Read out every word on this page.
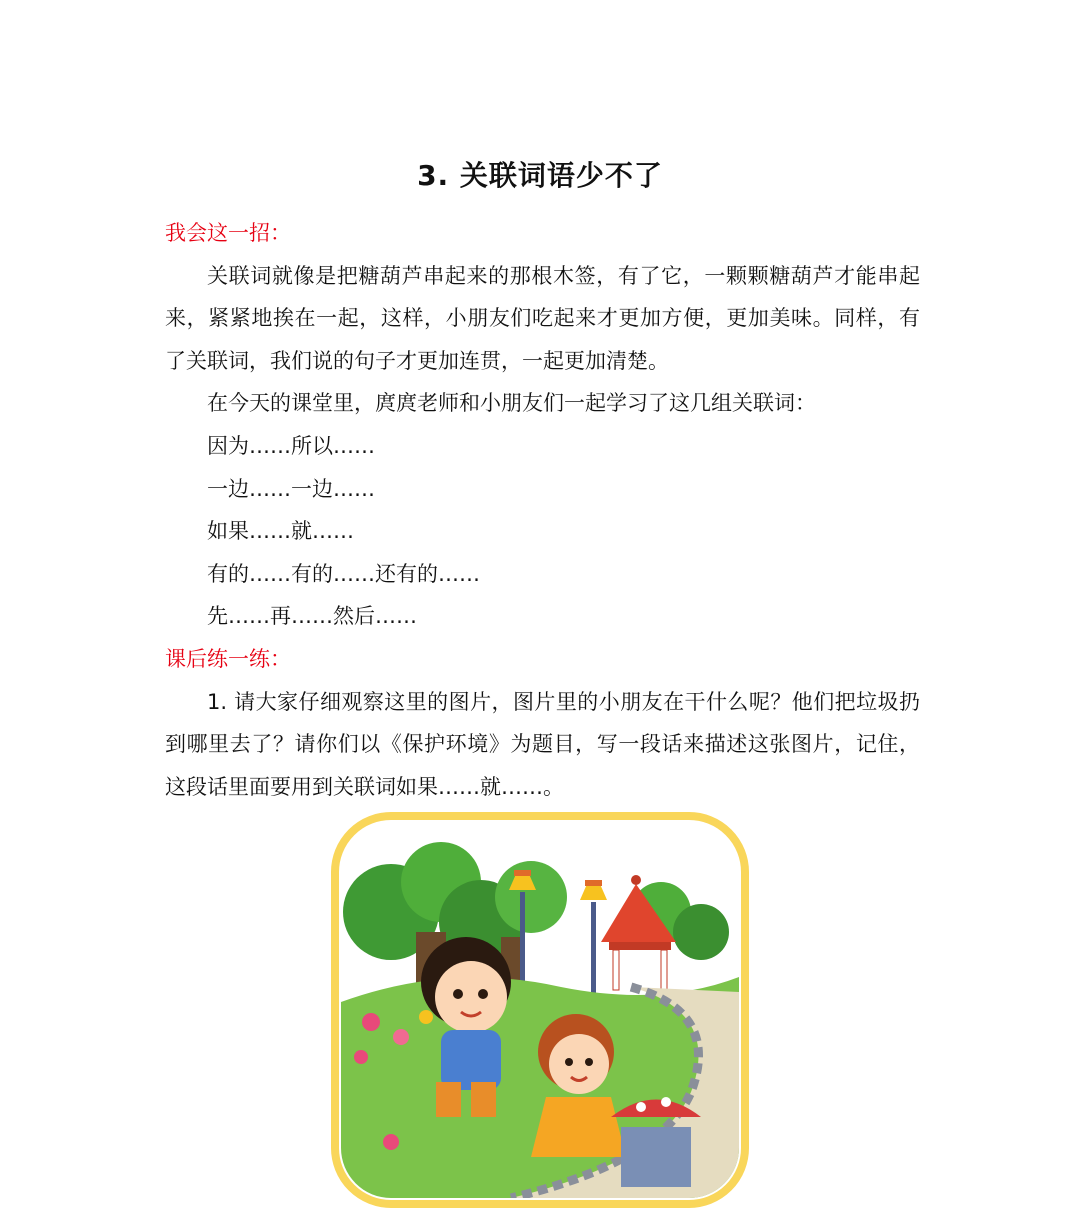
3. 关联词语少不了

我会这一招：

关联词就像是把糖葫芦串起来的那根木签，有了它，一颗颗糖葫芦才能串起来，紧紧地挨在一起，这样，小朋友们吃起来才更加方便，更加美味。同样，有了关联词，我们说的句子才更加连贯，一起更加清楚。

在今天的课堂里，庹庹老师和小朋友们一起学习了这几组关联词：

因为……所以……

一边……一边……

如果……就……

有的……有的……还有的……

先……再……然后……

课后练一练：

1. 请大家仔细观察这里的图片，图片里的小朋友在干什么呢？他们把垃圾扔到哪里去了？请你们以《保护环境》为题目，写一段话来描述这张图片，记住，这段话里面要用到关联词如果……就……。
